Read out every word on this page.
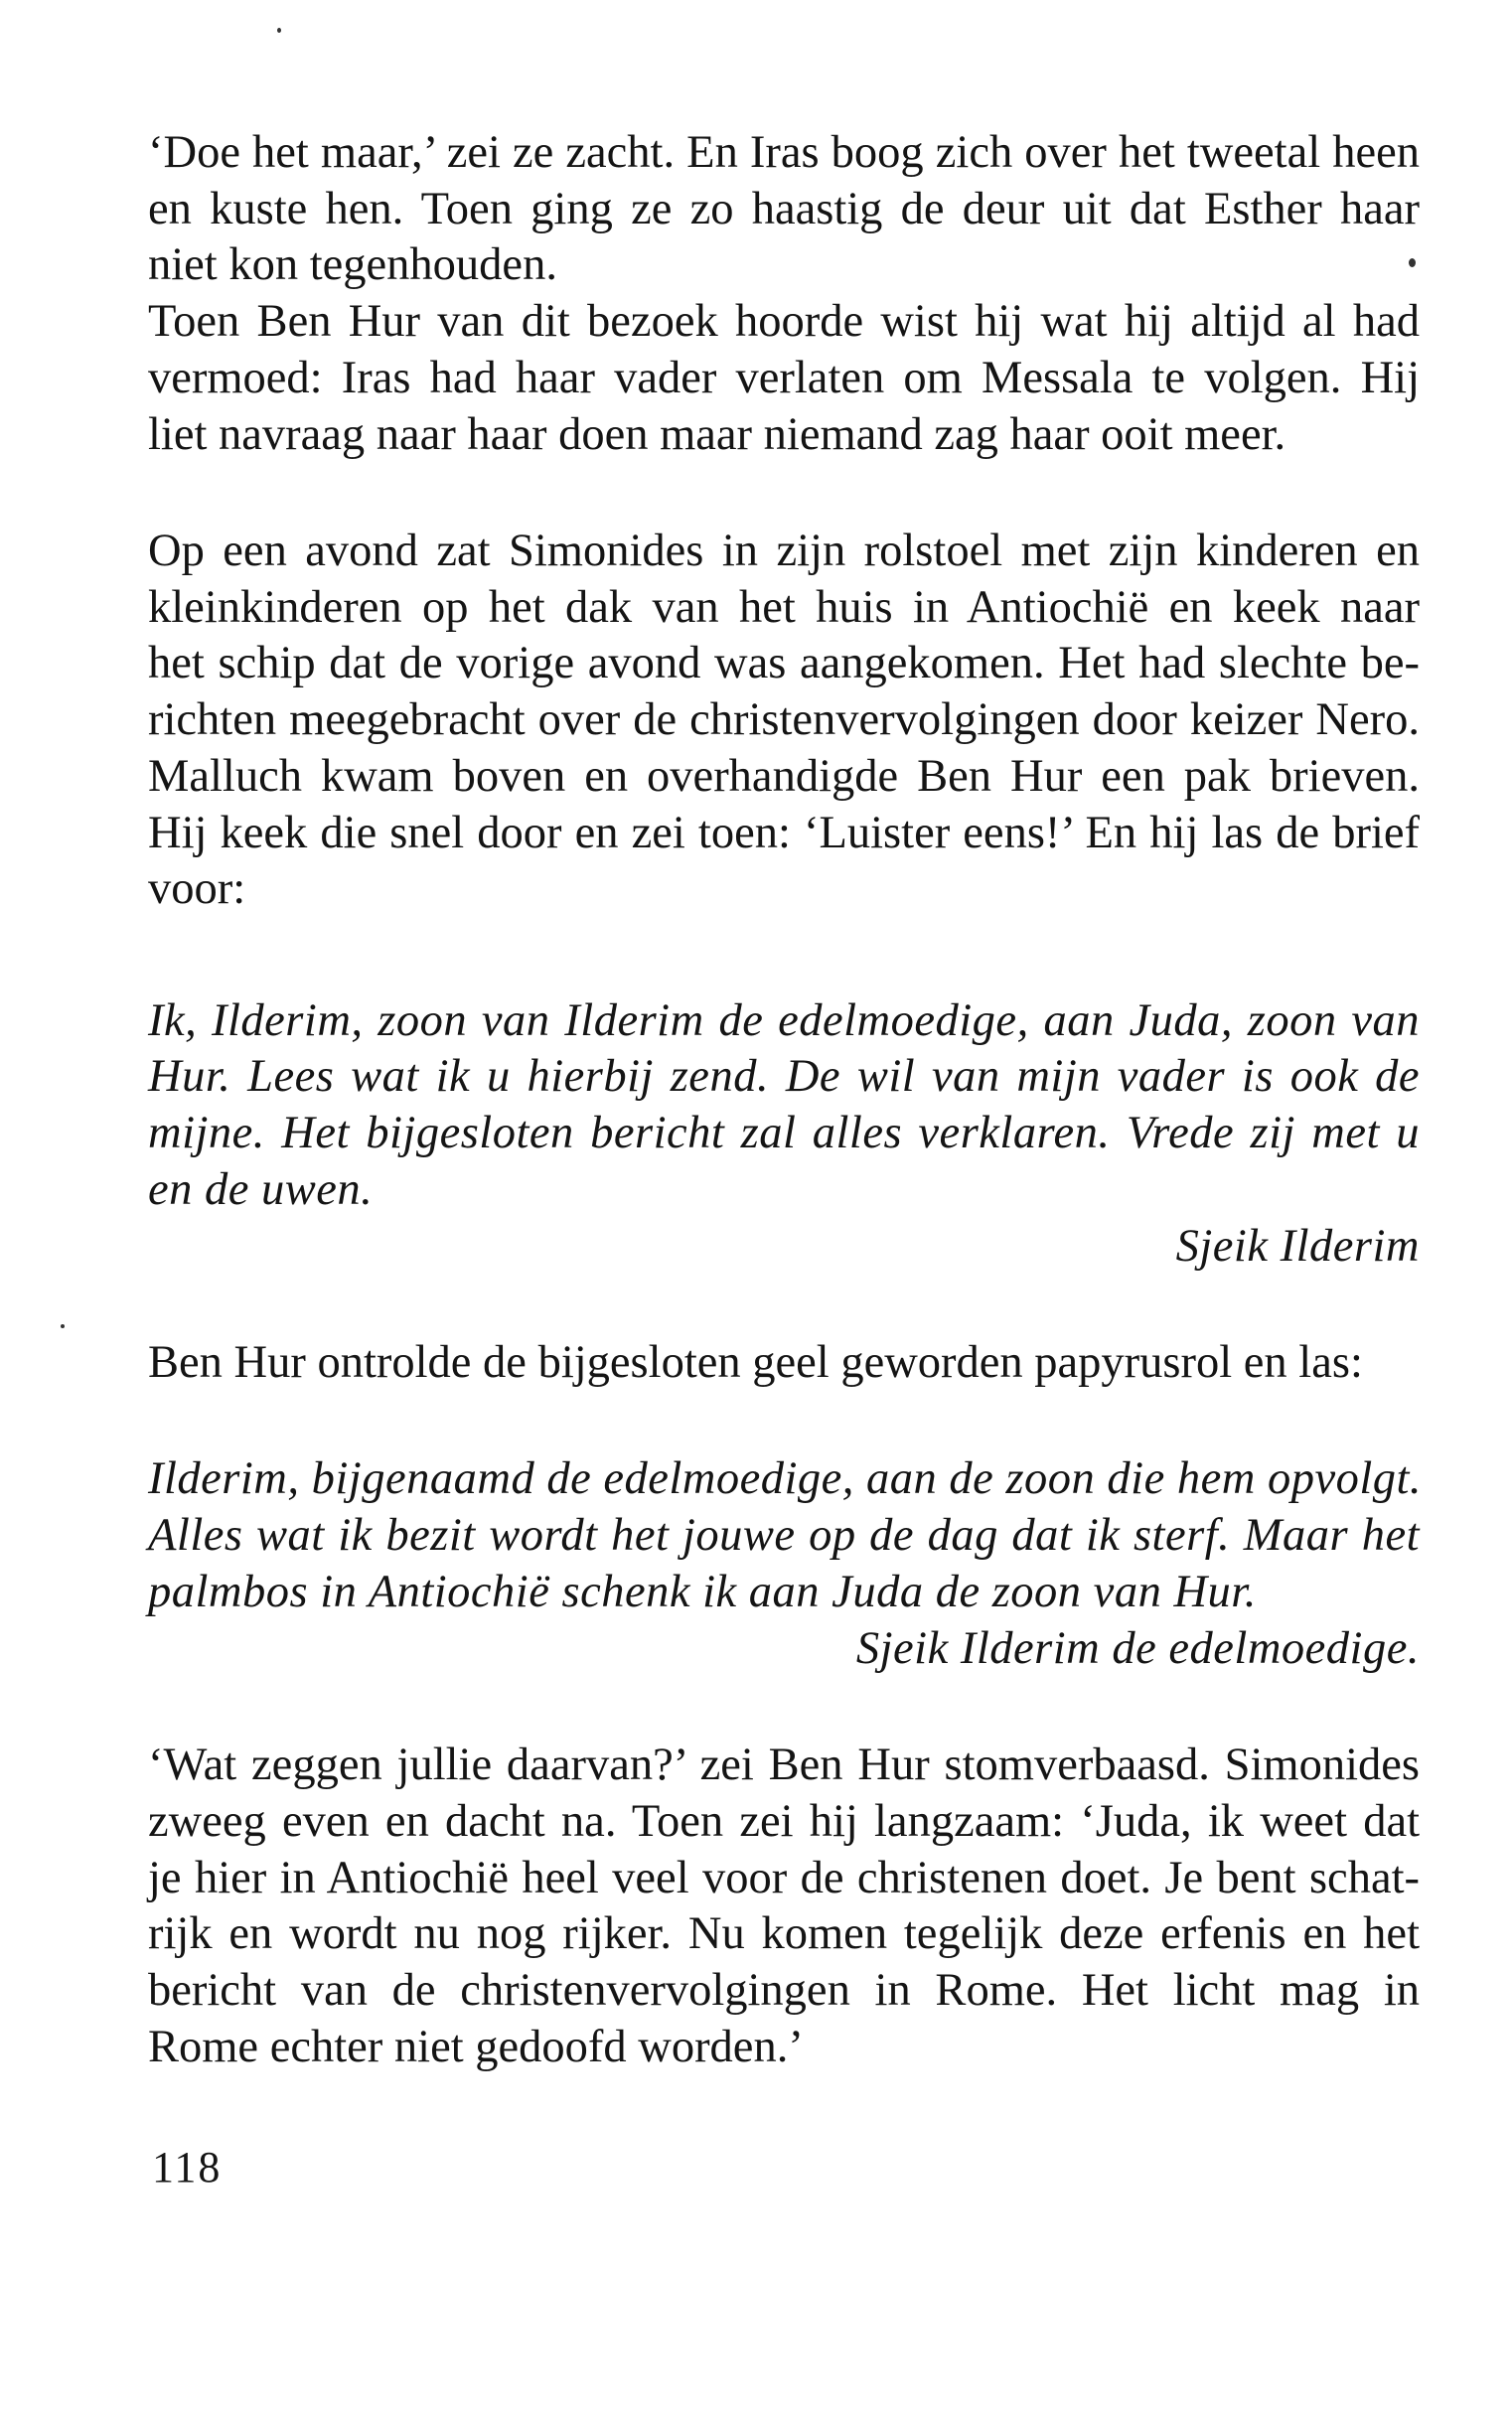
‘Doe het maar,’ zei ze zacht. En Iras boog zich over het tweetal heen
en kuste hen. Toen ging ze zo haastig de deur uit dat Esther haar
niet kon tegenhouden.
Toen Ben Hur van dit bezoek hoorde wist hij wat hij altijd al had
vermoed: Iras had haar vader verlaten om Messala te volgen. Hij
liet navraag naar haar doen maar niemand zag haar ooit meer.
Op een avond zat Simonides in zijn rolstoel met zijn kinderen en
kleinkinderen op het dak van het huis in Antiochië en keek naar
het schip dat de vorige avond was aangekomen. Het had slechte be-
richten meegebracht over de christenvervolgingen door keizer Nero.
Malluch kwam boven en overhandigde Ben Hur een pak brieven.
Hij keek die snel door en zei toen: ‘Luister eens!’ En hij las de brief
voor:
Ik, Ilderim, zoon van Ilderim de edelmoedige, aan Juda, zoon van
Hur. Lees wat ik u hierbij zend. De wil van mijn vader is ook de
mijne. Het bijgesloten bericht zal alles verklaren. Vrede zij met u
en de uwen.
Sjeik Ilderim
Ben Hur ontrolde de bijgesloten geel geworden papyrusrol en las:
Ilderim, bijgenaamd de edelmoedige, aan de zoon die hem opvolgt.
Alles wat ik bezit wordt het jouwe op de dag dat ik sterf. Maar het
palmbos in Antiochië schenk ik aan Juda de zoon van Hur.
Sjeik Ilderim de edelmoedige.
‘Wat zeggen jullie daarvan?’ zei Ben Hur stomverbaasd. Simonides
zweeg even en dacht na. Toen zei hij langzaam: ‘Juda, ik weet dat
je hier in Antiochië heel veel voor de christenen doet. Je bent schat-
rijk en wordt nu nog rijker. Nu komen tegelijk deze erfenis en het
bericht van de christenvervolgingen in Rome. Het licht mag in
Rome echter niet gedoofd worden.’
118
